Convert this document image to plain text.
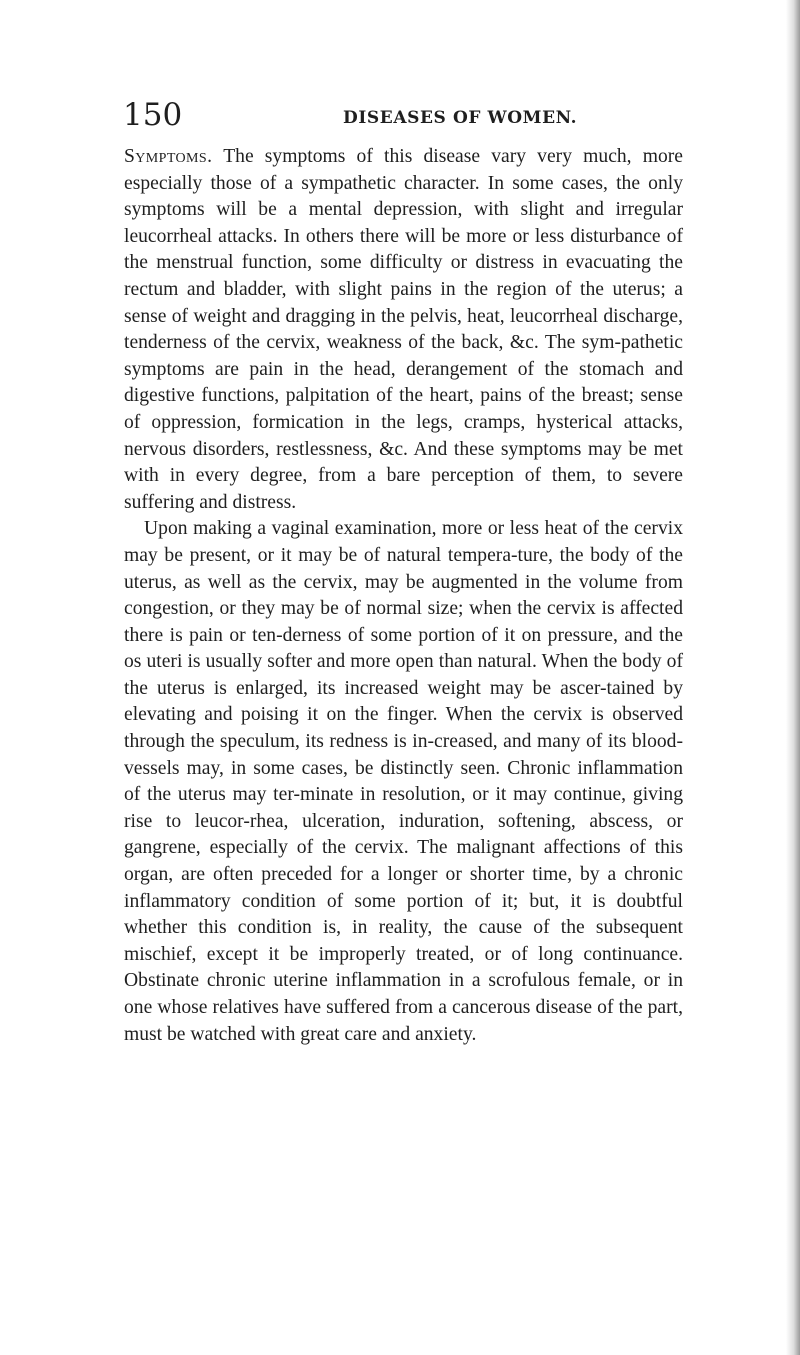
150	DISEASES OF WOMEN.

Symptoms. The symptoms of this disease vary very much, more especially those of a sympathetic character. In some cases, the only symptoms will be a mental depression, with slight and irregular leucorrheal attacks. In others there will be more or less disturbance of the menstrual function, some difficulty or distress in evacuating the rectum and bladder, with slight pains in the region of the uterus; a sense of weight and dragging in the pelvis, heat, leucorrheal discharge, tenderness of the cervix, weakness of the back, &c. The sym-pathetic symptoms are pain in the head, derangement of the stomach and digestive functions, palpitation of the heart, pains of the breast; sense of oppression, formication in the legs, cramps, hysterical attacks, nervous disorders, restlessness, &c. And these symptoms may be met with in every degree, from a bare perception of them, to severe suffering and distress.

Upon making a vaginal examination, more or less heat of the cervix may be present, or it may be of natural tempera-ture, the body of the uterus, as well as the cervix, may be augmented in the volume from congestion, or they may be of normal size; when the cervix is affected there is pain or ten-derness of some portion of it on pressure, and the os uteri is usually softer and more open than natural. When the body of the uterus is enlarged, its increased weight may be ascer-tained by elevating and poising it on the finger. When the cervix is observed through the speculum, its redness is in-creased, and many of its blood-vessels may, in some cases, be distinctly seen. Chronic inflammation of the uterus may ter-minate in resolution, or it may continue, giving rise to leucor-rhea, ulceration, induration, softening, abscess, or gangrene, especially of the cervix. The malignant affections of this organ, are often preceded for a longer or shorter time, by a chronic inflammatory condition of some portion of it; but, it is doubtful whether this condition is, in reality, the cause of the subsequent mischief, except it be improperly treated, or of long continuance. Obstinate chronic uterine inflammation in a scrofulous female, or in one whose relatives have suffered from a cancerous disease of the part, must be watched with great care and anxiety.
